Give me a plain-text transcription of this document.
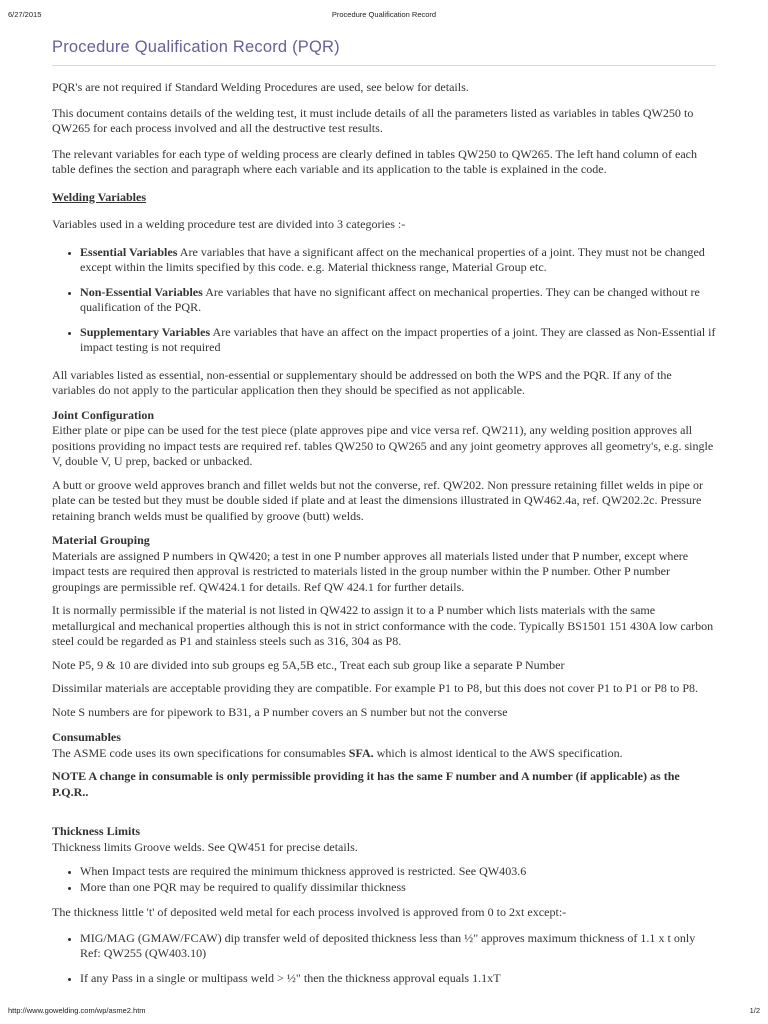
6/27/2015	Procedure Qualification Record
Procedure Qualification Record (PQR)

PQR's are not required if Standard Welding Procedures are used, see below for details.

This document contains details of the welding test, it must include details of all the parameters listed as variables in tables QW250 to QW265 for each process involved and all the destructive test results.

The relevant variables for each type of welding process are clearly defined in tables QW250 to QW265. The left hand column of each table defines the section and paragraph where each variable and its application to the table is explained in the code.

Welding Variables

Variables used in a welding procedure test are divided into 3 categories :-

• Essential Variables Are variables that have a significant affect on the mechanical properties of a joint. They must not be changed except within the limits specified by this code. e.g. Material thickness range, Material Group etc.
• Non-Essential Variables Are variables that have no significant affect on mechanical properties. They can be changed without re qualification of the PQR.
• Supplementary Variables Are variables that have an affect on the impact properties of a joint. They are classed as Non-Essential if impact testing is not required

All variables listed as essential, non-essential or supplementary should be addressed on both the WPS and the PQR. If any of the variables do not apply to the particular application then they should be specified as not applicable.

Joint Configuration

Either plate or pipe can be used for the test piece (plate approves pipe and vice versa ref. QW211), any welding position approves all positions providing no impact tests are required ref. tables QW250 to QW265 and any joint geometry approves all geometry's, e.g. single V, double V, U prep, backed or unbacked.

A butt or groove weld approves branch and fillet welds but not the converse, ref. QW202. Non pressure retaining fillet welds in pipe or plate can be tested but they must be double sided if plate and at least the dimensions illustrated in QW462.4a, ref. QW202.2c. Pressure retaining branch welds must be qualified by groove (butt) welds.

Material Grouping

Materials are assigned P numbers in QW420; a test in one P number approves all materials listed under that P number, except where impact tests are required then approval is restricted to materials listed in the group number within the P number. Other P number groupings are permissible ref. QW424.1 for details. Ref QW 424.1 for further details.

It is normally permissible if the material is not listed in QW422 to assign it to a P number which lists materials with the same metallurgical and mechanical properties although this is not in strict conformance with the code. Typically BS1501 151 430A low carbon steel could be regarded as P1 and stainless steels such as 316, 304 as P8.

Note P5, 9 & 10 are divided into sub groups eg 5A,5B etc., Treat each sub group like a separate P Number

Dissimilar materials are acceptable providing they are compatible. For example P1 to P8, but this does not cover P1 to P1 or P8 to P8.

Note S numbers are for pipework to B31, a P number covers an S number but not the converse

Consumables

The ASME code uses its own specifications for consumables SFA. which is almost identical to the AWS specification.

NOTE A change in consumable is only permissible providing it has the same F number and A number (if applicable) as the P.Q.R..

Thickness Limits

Thickness limits Groove welds. See QW451 for precise details.

• When Impact tests are required the minimum thickness approved is restricted. See QW403.6
• More than one PQR may be required to qualify dissimilar thickness

The thickness little 't' of deposited weld metal for each process involved is approved from 0 to 2xt except:-

• MIG/MAG (GMAW/FCAW) dip transfer weld of deposited thickness less than ½" approves maximum thickness of 1.1 x t only Ref: QW255 (QW403.10)
• If any Pass in a single or multipass weld > ½" then the thickness approval equals 1.1xT
http://www.gowelding.com/wp/asme2.htm	1/2
